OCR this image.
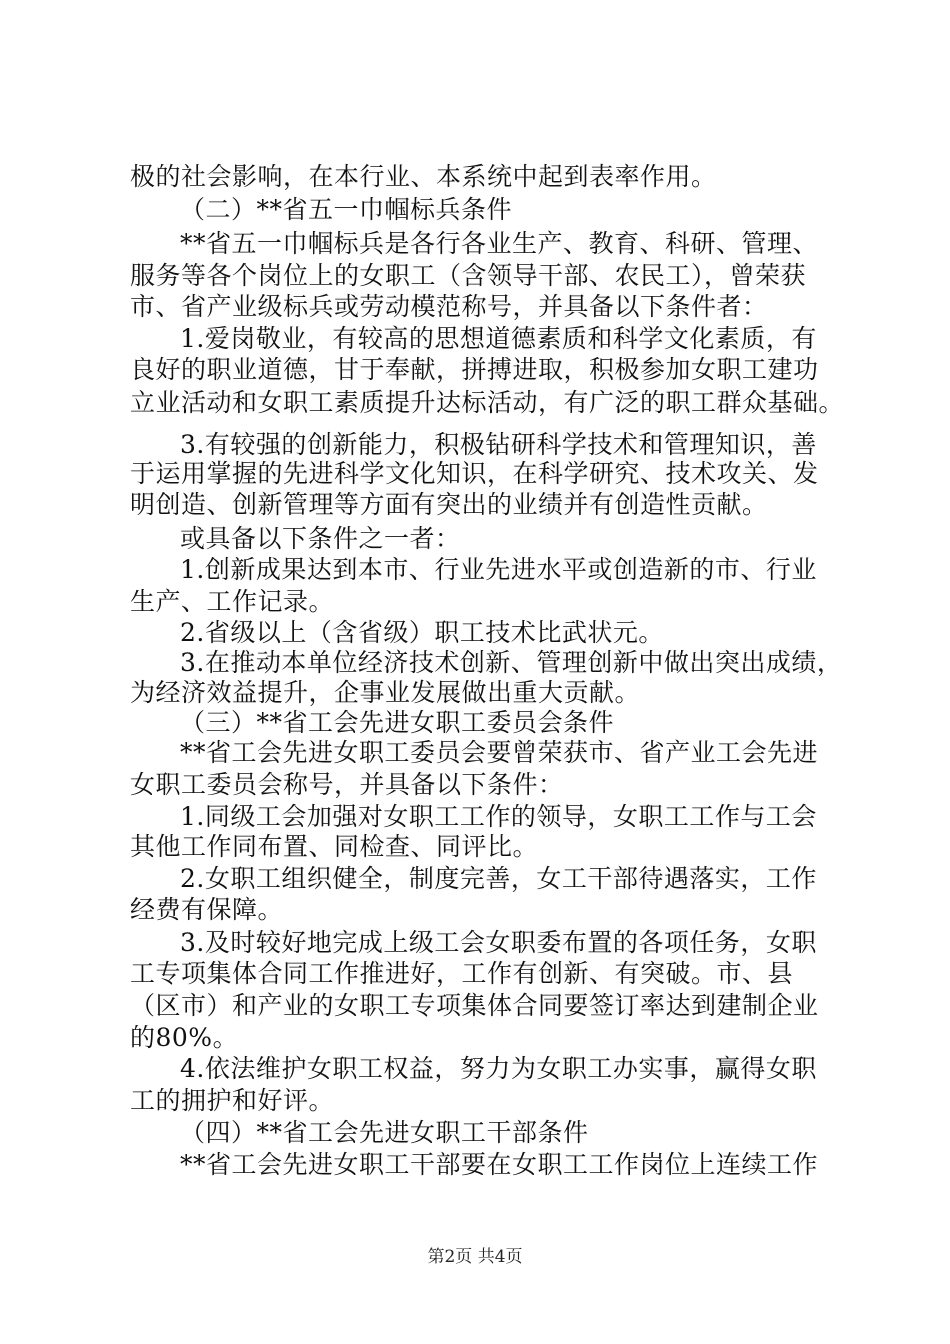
极的社会影响，在本行业、本系统中起到表率作用。
（二）**省五一巾帼标兵条件
**省五一巾帼标兵是各行各业生产、教育、科研、管理、
服务等各个岗位上的女职工（含领导干部、农民工），曾荣获
市、省产业级标兵或劳动模范称号，并具备以下条件者：
1.爱岗敬业，有较高的思想道德素质和科学文化素质，有
良好的职业道德，甘于奉献，拼搏进取，积极参加女职工建功
立业活动和女职工素质提升达标活动，有广泛的职工群众基础。
3.有较强的创新能力，积极钻研科学技术和管理知识，善
于运用掌握的先进科学文化知识，在科学研究、技术攻关、发
明创造、创新管理等方面有突出的业绩并有创造性贡献。
或具备以下条件之一者：
1.创新成果达到本市、行业先进水平或创造新的市、行业
生产、工作记录。
2.省级以上（含省级）职工技术比武状元。
3.在推动本单位经济技术创新、管理创新中做出突出成绩，
为经济效益提升，企事业发展做出重大贡献。
（三）**省工会先进女职工委员会条件
**省工会先进女职工委员会要曾荣获市、省产业工会先进
女职工委员会称号，并具备以下条件：
1.同级工会加强对女职工工作的领导，女职工工作与工会
其他工作同布置、同检查、同评比。
2.女职工组织健全，制度完善，女工干部待遇落实，工作
经费有保障。
3.及时较好地完成上级工会女职委布置的各项任务，女职
工专项集体合同工作推进好，工作有创新、有突破。市、县
（区市）和产业的女职工专项集体合同要签订率达到建制企业
的80%。
4.依法维护女职工权益，努力为女职工办实事，赢得女职
工的拥护和好评。
（四）**省工会先进女职工干部条件
**省工会先进女职工干部要在女职工工作岗位上连续工作
第2页 共4页
